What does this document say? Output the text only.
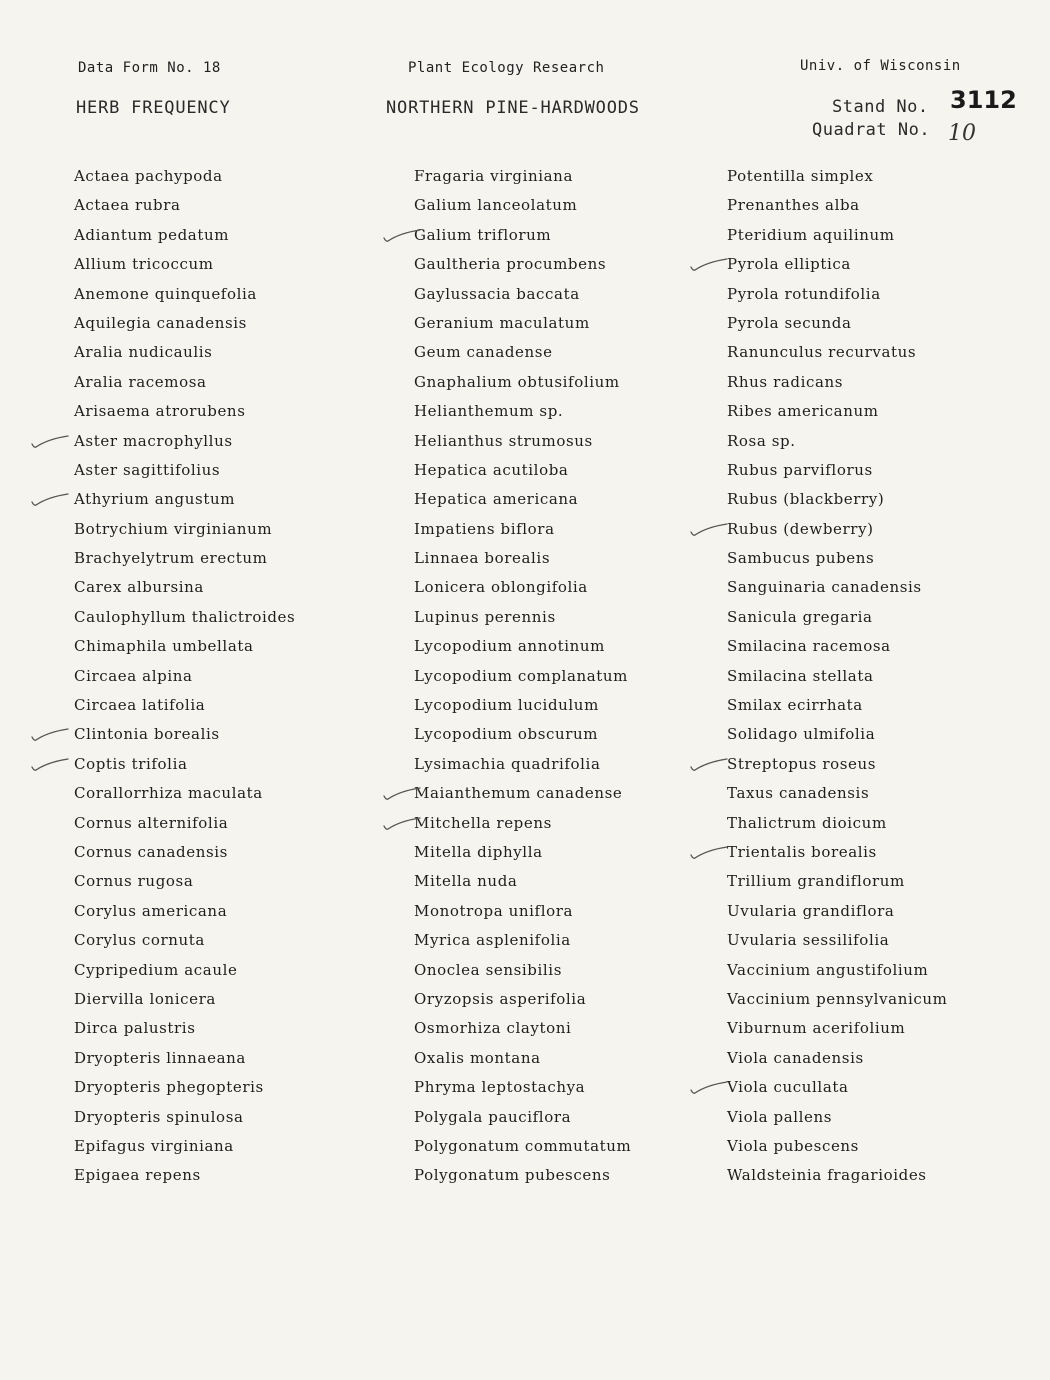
Data Form No. 18	Plant Ecology Research	Univ. of Wisconsin
HERB FREQUENCY	NORTHERN PINE-HARDWOODS	Stand No. 3112
Quadrat No. 10
Actaea pachypoda
Actaea rubra
Adiantum pedatum
Allium tricoccum
Anemone quinquefolia
Aquilegia canadensis
Aralia nudicaulis
Aralia racemosa
Arisaema atrorubens
Aster macrophyllus
Aster sagittifolius
Athyrium angustum
Botrychium virginianum
Brachyelytrum erectum
Carex albursina
Caulophyllum thalictroides
Chimaphila umbellata
Circaea alpina
Circaea latifolia
Clintonia borealis
Coptis trifolia
Corallorrhiza maculata
Cornus alternifolia
Cornus canadensis
Cornus rugosa
Corylus americana
Corylus cornuta
Cypripedium acaule
Diervilla lonicera
Dirca palustris
Dryopteris linnaeana
Dryopteris phegopteris
Dryopteris spinulosa
Epifagus virginiana
Epigaea repens
Fragaria virginiana
Galium lanceolatum
Galium triflorum
Gaultheria procumbens
Gaylussacia baccata
Geranium maculatum
Geum canadense
Gnaphalium obtusifolium
Helianthemum sp.
Helianthus strumosus
Hepatica acutiloba
Hepatica americana
Impatiens biflora
Linnaea borealis
Lonicera oblongifolia
Lupinus perennis
Lycopodium annotinum
Lycopodium complanatum
Lycopodium lucidulum
Lycopodium obscurum
Lysimachia quadrifolia
Maianthemum canadense
Mitchella repens
Mitella diphylla
Mitella nuda
Monotropa uniflora
Myrica asplenifolia
Onoclea sensibilis
Oryzopsis asperifolia
Osmorhiza claytoni
Oxalis montana
Phryma leptostachya
Polygala pauciflora
Polygonatum commutatum
Polygonatum pubescens
Potentilla simplex
Prenanthes alba
Pteridium aquilinum
Pyrola elliptica
Pyrola rotundifolia
Pyrola secunda
Ranunculus recurvatus
Rhus radicans
Ribes americanum
Rosa sp.
Rubus parviflorus
Rubus (blackberry)
Rubus (dewberry)
Sambucus pubens
Sanguinaria canadensis
Sanicula gregaria
Smilacina racemosa
Smilacina stellata
Smilax ecirrhata
Solidago ulmifolia
Streptopus roseus
Taxus canadensis
Thalictrum dioicum
Trientalis borealis
Trillium grandiflorum
Uvularia grandiflora
Uvularia sessilifolia
Vaccinium angustifolium
Vaccinium pennsylvanicum
Viburnum acerifolium
Viola canadensis
Viola cucullata
Viola pallens
Viola pubescens
Waldsteinia fragarioides
